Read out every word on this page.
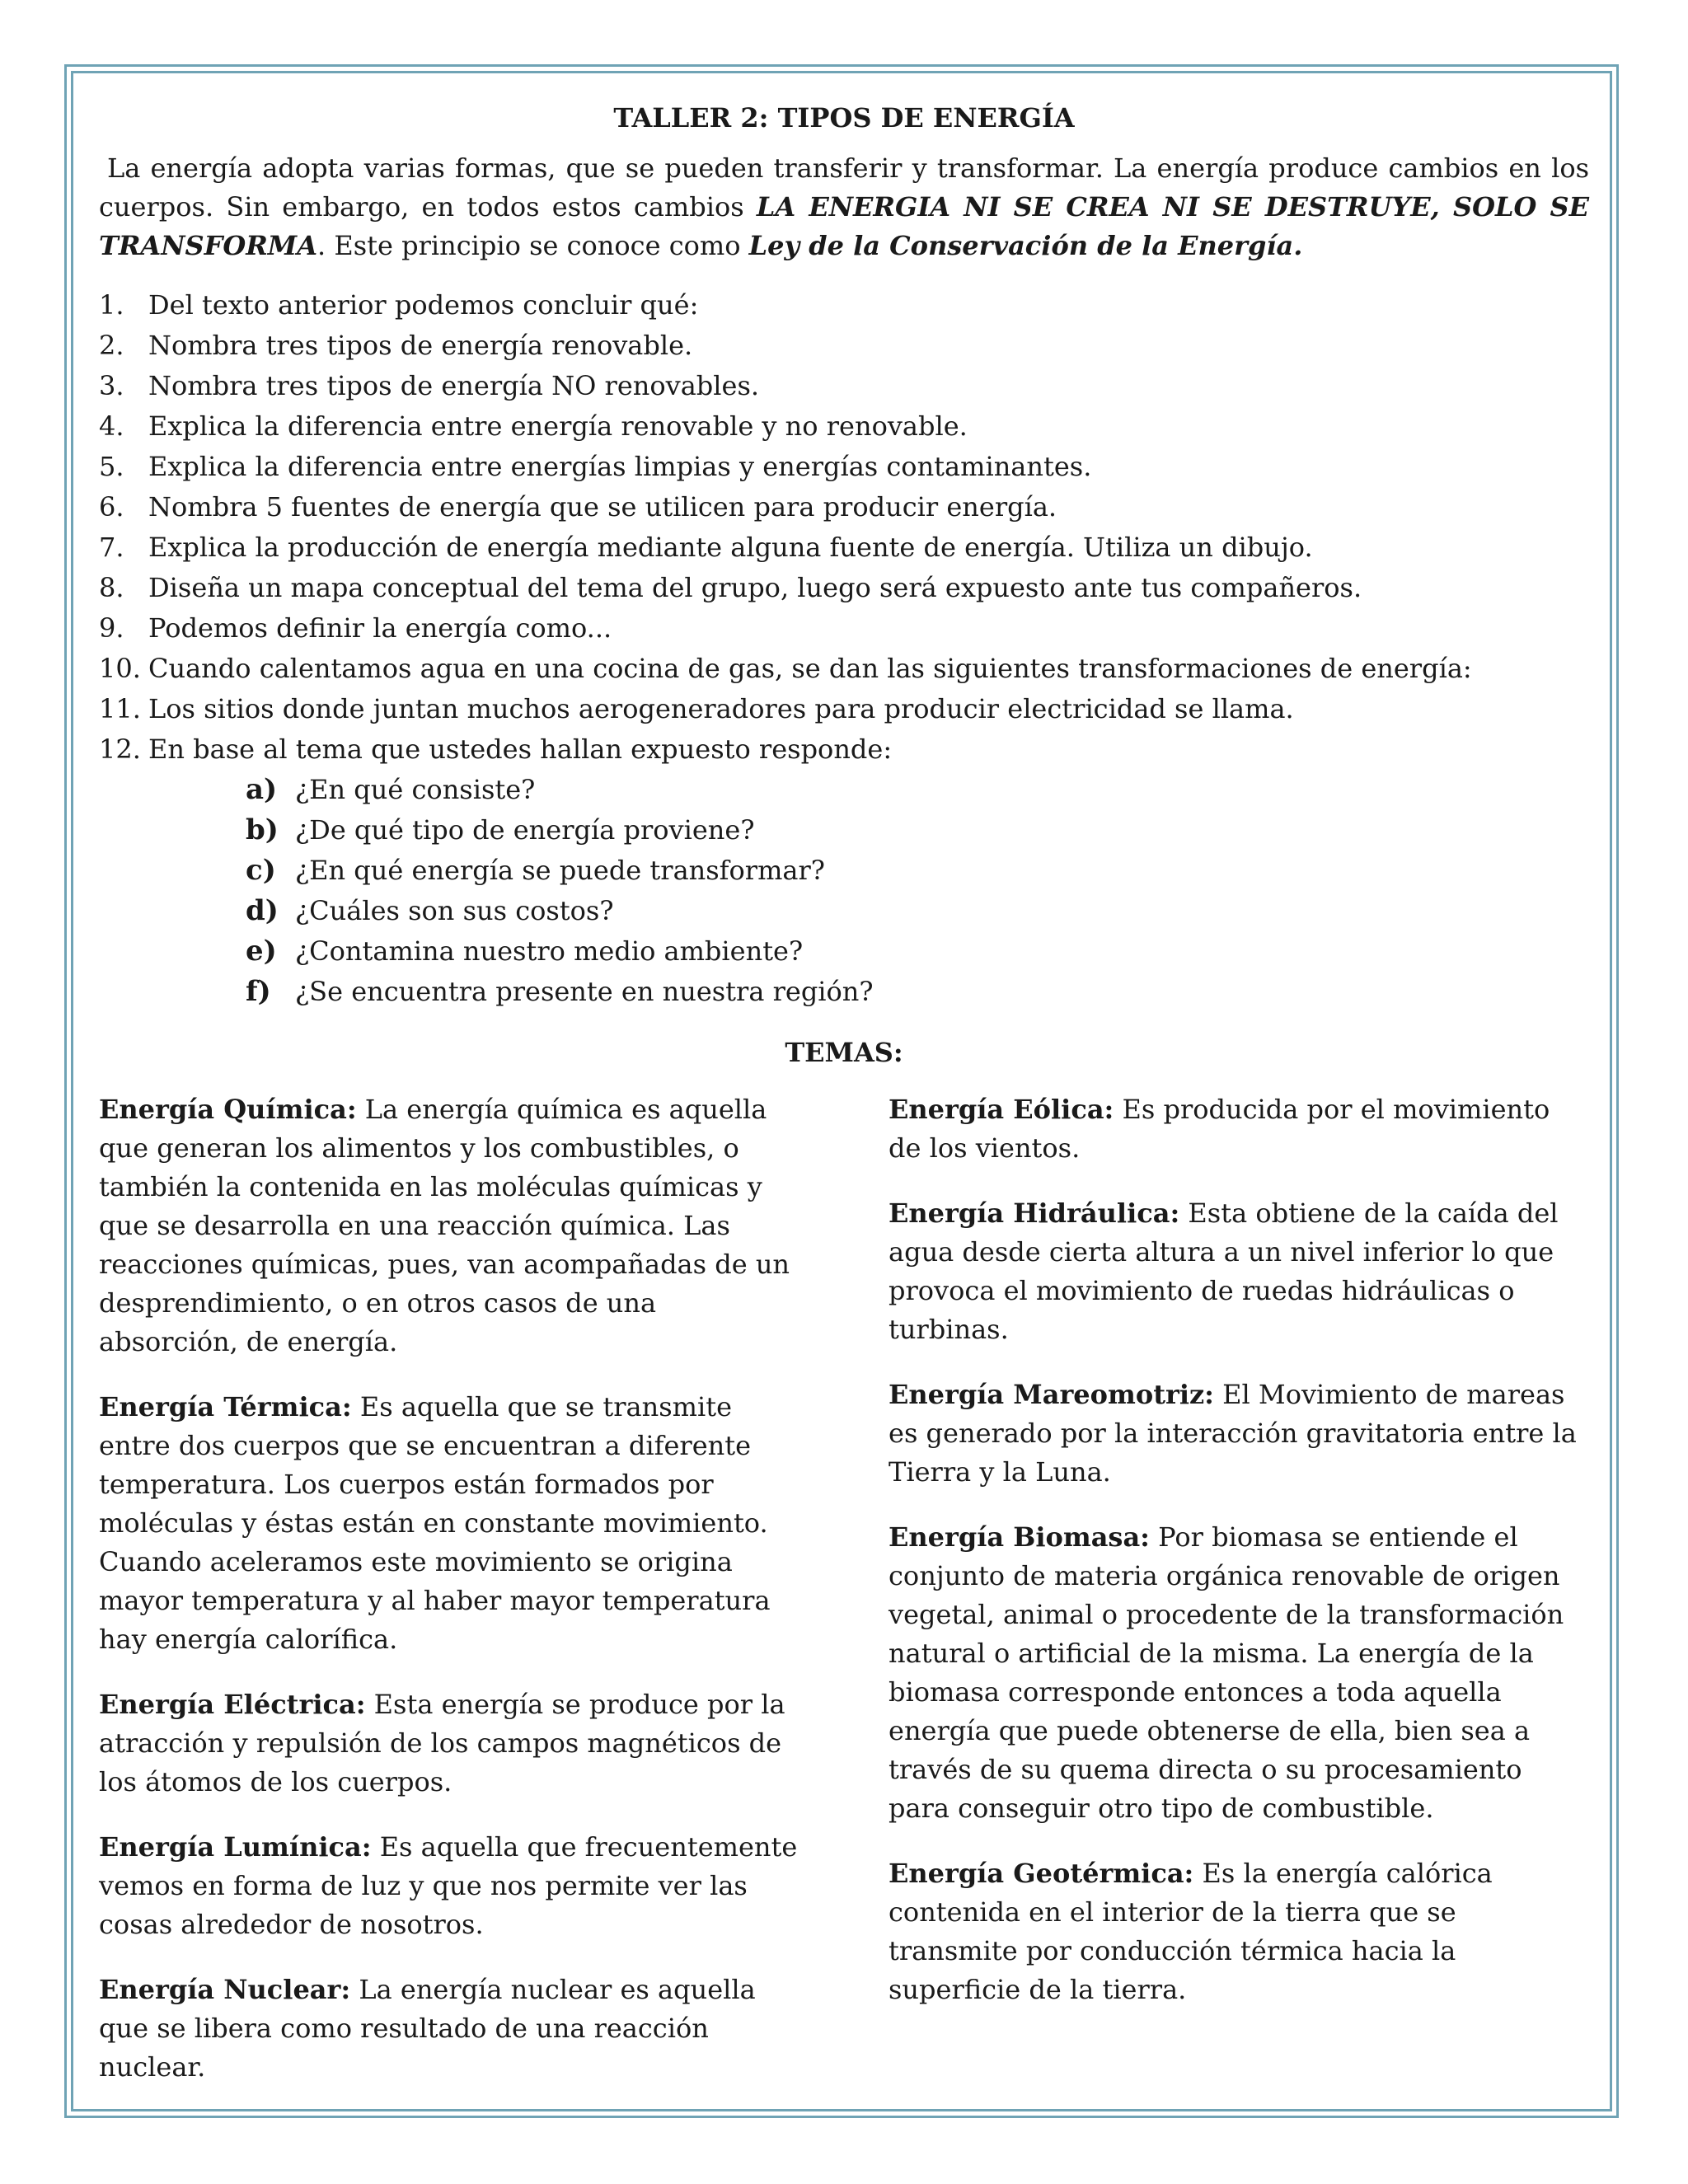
TALLER 2: TIPOS DE ENERGÍA

La energía adopta varias formas, que se pueden transferir y transformar. La energía produce cambios en los cuerpos. Sin embargo, en todos estos cambios LA ENERGIA NI SE CREA NI SE DESTRUYE, SOLO SE TRANSFORMA. Este principio se conoce como Ley de la Conservación de la Energía.

1. Del texto anterior podemos concluir qué:
2. Nombra tres tipos de energía renovable.
3. Nombra tres tipos de energía NO renovables.
4. Explica la diferencia entre energía renovable y no renovable.
5. Explica la diferencia entre energías limpias y energías contaminantes.
6. Nombra 5 fuentes de energía que se utilicen para producir energía.
7. Explica la producción de energía mediante alguna fuente de energía. Utiliza un dibujo.
8. Diseña un mapa conceptual del tema del grupo, luego será expuesto ante tus compañeros.
9. Podemos definir la energía como...
10. Cuando calentamos agua en una cocina de gas, se dan las siguientes transformaciones de energía:
11. Los sitios donde juntan muchos aerogeneradores para producir electricidad se llama.
12. En base al tema que ustedes hallan expuesto responde:
a) ¿En qué consiste?
b) ¿De qué tipo de energía proviene?
c) ¿En qué energía se puede transformar?
d) ¿Cuáles son sus costos?
e) ¿Contamina nuestro medio ambiente?
f) ¿Se encuentra presente en nuestra región?

TEMAS:

Energía Química: La energía química es aquella que generan los alimentos y los combustibles, o también la contenida en las moléculas químicas y que se desarrolla en una reacción química. Las reacciones químicas, pues, van acompañadas de un desprendimiento, o en otros casos de una absorción, de energía.

Energía Térmica: Es aquella que se transmite entre dos cuerpos que se encuentran a diferente temperatura. Los cuerpos están formados por moléculas y éstas están en constante movimiento. Cuando aceleramos este movimiento se origina mayor temperatura y al haber mayor temperatura hay energía calorífica.

Energía Eléctrica: Esta energía se produce por la atracción y repulsión de los campos magnéticos de los átomos de los cuerpos.

Energía Lumínica: Es aquella que frecuentemente vemos en forma de luz y que nos permite ver las cosas alrededor de nosotros.

Energía Nuclear: La energía nuclear es aquella que se libera como resultado de una reacción nuclear.

Energía Eólica: Es producida por el movimiento de los vientos.

Energía Hidráulica: Esta obtiene de la caída del agua desde cierta altura a un nivel inferior lo que provoca el movimiento de ruedas hidráulicas o turbinas.

Energía Mareomotriz: El Movimiento de mareas es generado por la interacción gravitatoria entre la Tierra y la Luna.

Energía Biomasa: Por biomasa se entiende el conjunto de materia orgánica renovable de origen vegetal, animal o procedente de la transformación natural o artificial de la misma. La energía de la biomasa corresponde entonces a toda aquella energía que puede obtenerse de ella, bien sea a través de su quema directa o su procesamiento para conseguir otro tipo de combustible.

Energía Geotérmica: Es la energía calórica contenida en el interior de la tierra que se transmite por conducción térmica hacia la superficie de la tierra.
